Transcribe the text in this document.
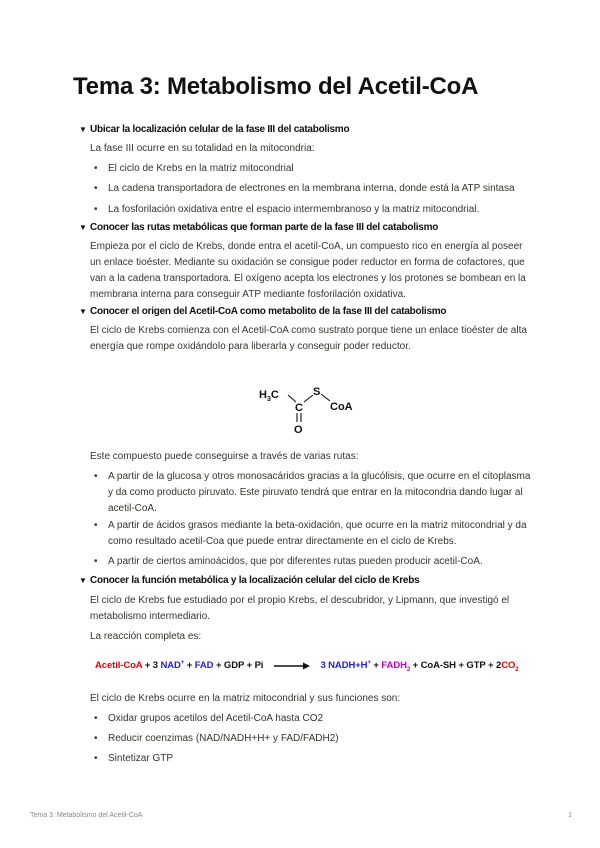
Tema 3: Metabolismo del Acetil-CoA
▼ Ubicar la localización celular de la fase III del catabolismo

La fase III ocurre en su totalidad en la mitocondria:

• El ciclo de Krebs en la matriz mitocondrial
• La cadena transportadora de electrones en la membrana interna, donde está la ATP sintasa
• La fosforilación oxidativa entre el espacio intermembranoso y la matriz mitocondrial.
▼ Conocer las rutas metabólicas que forman parte de la fase III del catabolismo

Empieza por el ciclo de Krebs, donde entra el acetil-CoA, un compuesto rico en energía al poseer un enlace tioéster. Mediante su oxidación se consigue poder reductor en forma de cofactores, que van a la cadena transportadora. El oxígeno acepta los electrones y los protones se bombean en la membrana interna para conseguir ATP mediante fosforilación oxidativa.

▼ Conocer el origen del Acetil-CoA como metabolito de la fase III del catabolismo

El ciclo de Krebs comienza con el Acetil-CoA como sustrato porque tiene un enlace tioéster de alta energía que rompe oxidándolo para liberarla y conseguir poder reductor.

$H_3C$
C
S
CoA
O

Este compuesto puede conseguirse a través de varias rutas:

• A partir de la glucosa y otros monosacáridos gracias a la glucólisis, que ocurre en el citoplasma y da como producto piruvato. Este piruvato tendrá que entrar en la mitocondria dando lugar al acetil-CoA.
• A partir de ácidos grasos mediante la beta-oxidación, que ocurre en la matriz mitocondrial y da como resultado acetil-Coa que puede entrar directamente en el ciclo de Krebs.
• A partir de ciertos aminoácidos, que por diferentes rutas pueden producir acetil-CoA.
▼ Conocer la función metabólica y la localización celular del ciclo de Krebs

El ciclo de Krebs fue estudiado por el propio Krebs, el descubridor, y Lipmann, que investigó el metabolismo intermediario.

La reacción completa es:

Acetil-CoA + 3 NAD+ + FAD + GDP + Pi → 3 NADH+H+ + $FADH_2 + CoA-SH$ + GTP + $2CO_2$

El ciclo de Krebs ocurre en la matriz mitocondrial y sus funciones son:

• Oxidar grupos acetilos del Acetil-CoA hasta CO2
• Reducir coenzimas (NAD/NADH+H+ y FAD/FADH2)
• Sintetizar GTP
Tema 3: Metabolismo del Acetil-CoA	1
